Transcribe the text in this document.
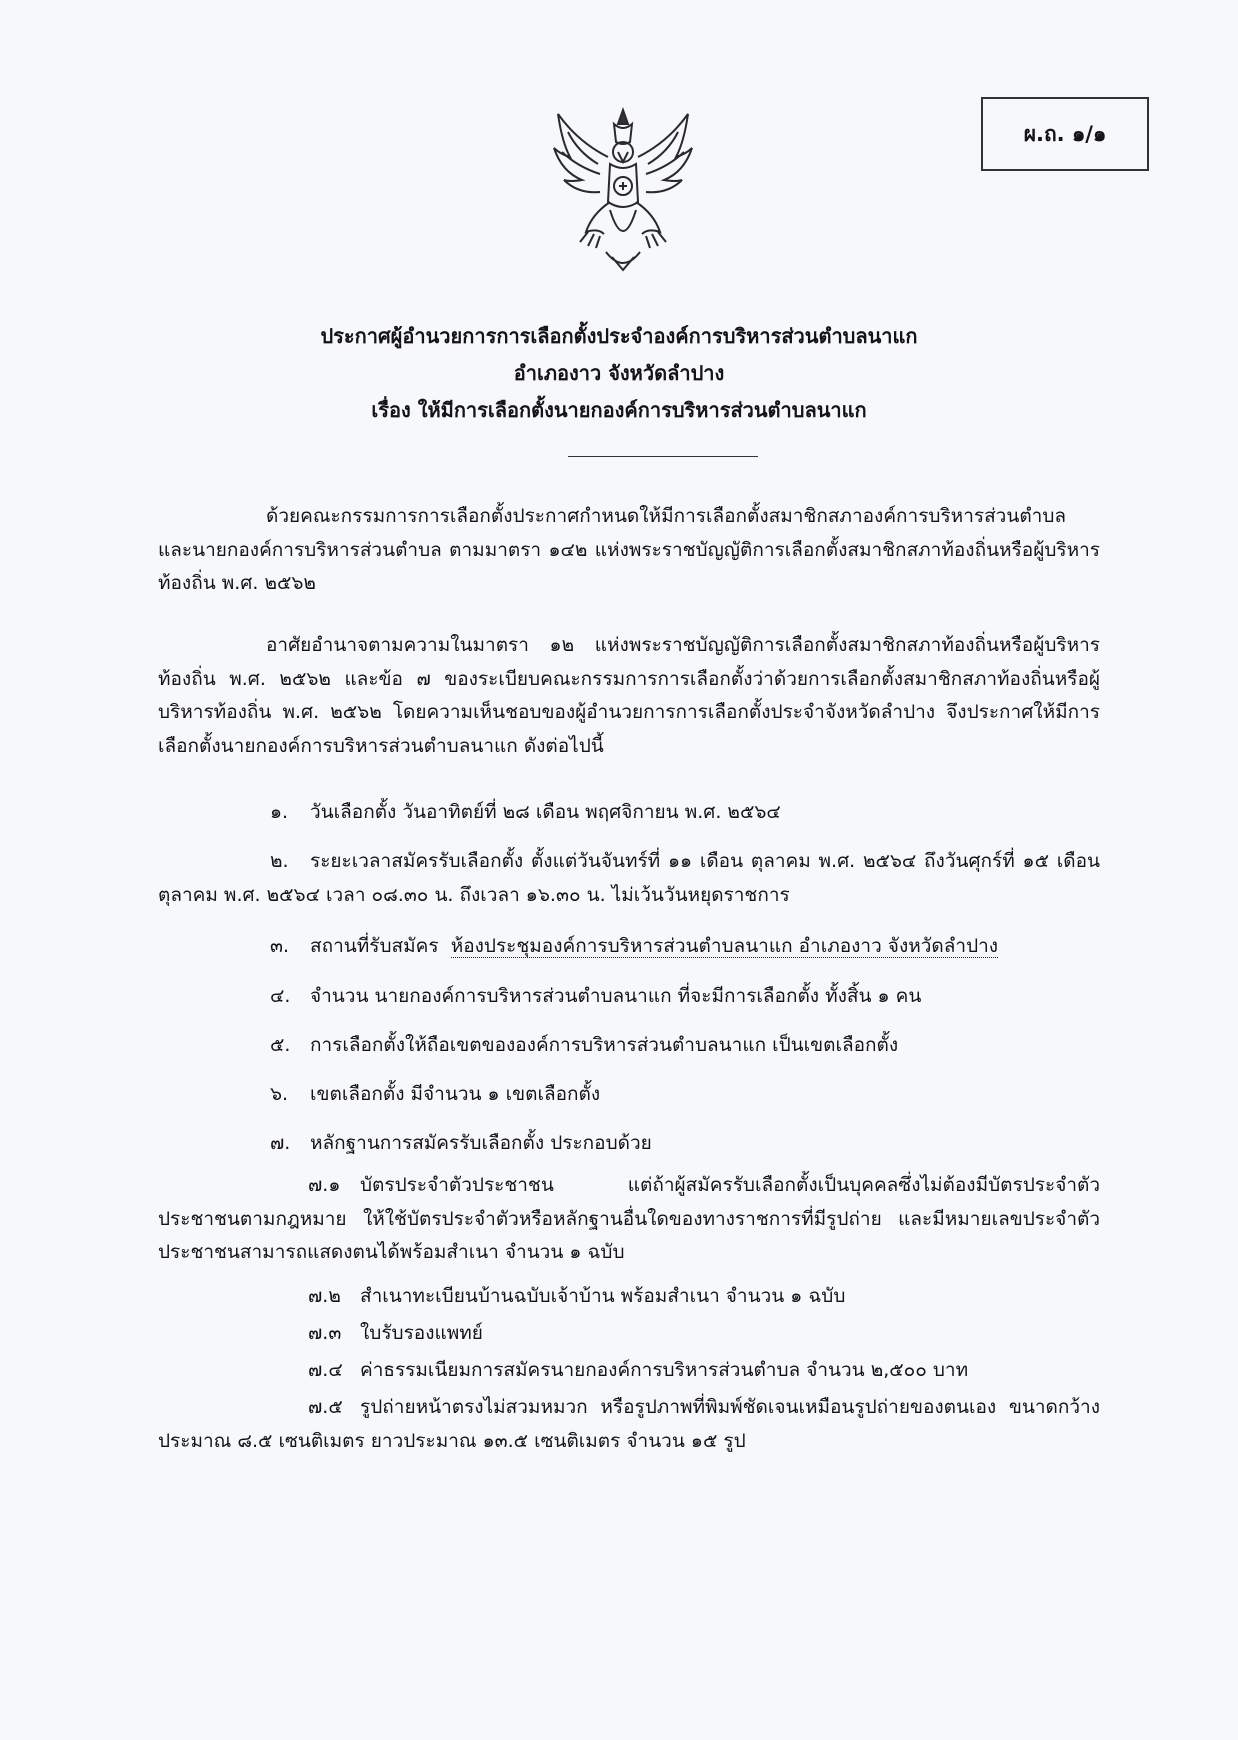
ผ.ถ. ๑/๑
ประกาศผู้อำนวยการการเลือกตั้งประจำองค์การบริหารส่วนตำบลนาแก
อำเภองาว จังหวัดลำปาง
เรื่อง ให้มีการเลือกตั้งนายกองค์การบริหารส่วนตำบลนาแก

ด้วยคณะกรรมการการเลือกตั้งประกาศกำหนดให้มีการเลือกตั้งสมาชิกสภาองค์การบริหารส่วนตำบลและนายกองค์การบริหารส่วนตำบล ตามมาตรา ๑๔๒ แห่งพระราชบัญญัติการเลือกตั้งสมาชิกสภาท้องถิ่นหรือผู้บริหารท้องถิ่น พ.ศ. ๒๕๖๒

อาศัยอำนาจตามความในมาตรา ๑๒ แห่งพระราชบัญญัติการเลือกตั้งสมาชิกสภาท้องถิ่นหรือผู้บริหารท้องถิ่น พ.ศ. ๒๕๖๒ และข้อ ๗ ของระเบียบคณะกรรมการการเลือกตั้งว่าด้วยการเลือกตั้งสมาชิกสภาท้องถิ่นหรือผู้บริหารท้องถิ่น พ.ศ. ๒๕๖๒ โดยความเห็นชอบของผู้อำนวยการการเลือกตั้งประจำจังหวัดลำปาง จึงประกาศให้มีการเลือกตั้งนายกองค์การบริหารส่วนตำบลนาแก ดังต่อไปนี้

๑. วันเลือกตั้ง วันอาทิตย์ที่ ๒๘ เดือน พฤศจิกายน พ.ศ. ๒๕๖๔

๒. ระยะเวลาสมัครรับเลือกตั้ง ตั้งแต่วันจันทร์ที่ ๑๑ เดือน ตุลาคม พ.ศ. ๒๕๖๔ ถึงวันศุกร์ที่ ๑๕ เดือน ตุลาคม พ.ศ. ๒๕๖๔ เวลา ๐๘.๓๐ น. ถึงเวลา ๑๖.๓๐ น. ไม่เว้นวันหยุดราชการ

๓. สถานที่รับสมัคร ห้องประชุมองค์การบริหารส่วนตำบลนาแก อำเภองาว จังหวัดลำปาง

๔. จำนวน นายกองค์การบริหารส่วนตำบลนาแก ที่จะมีการเลือกตั้ง ทั้งสิ้น ๑ คน

๕. การเลือกตั้งให้ถือเขตขององค์การบริหารส่วนตำบลนาแก เป็นเขตเลือกตั้ง

๖. เขตเลือกตั้ง มีจำนวน ๑ เขตเลือกตั้ง

๗. หลักฐานการสมัครรับเลือกตั้ง ประกอบด้วย

๗.๑ บัตรประจำตัวประชาชน แต่ถ้าผู้สมัครรับเลือกตั้งเป็นบุคคลซึ่งไม่ต้องมีบัตรประจำตัวประชาชนตามกฎหมาย ให้ใช้บัตรประจำตัวหรือหลักฐานอื่นใดของทางราชการที่มีรูปถ่าย และมีหมายเลขประจำตัวประชาชนสามารถแสดงตนได้พร้อมสำเนา จำนวน ๑ ฉบับ

๗.๒ สำเนาทะเบียนบ้านฉบับเจ้าบ้าน พร้อมสำเนา จำนวน ๑ ฉบับ

๗.๓ ใบรับรองแพทย์

๗.๔ ค่าธรรมเนียมการสมัครนายกองค์การบริหารส่วนตำบล จำนวน ๒,๕๐๐ บาท

๗.๕ รูปถ่ายหน้าตรงไม่สวมหมวก หรือรูปภาพที่พิมพ์ชัดเจนเหมือนรูปถ่ายของตนเอง ขนาดกว้างประมาณ ๘.๕ เซนติเมตร ยาวประมาณ ๑๓.๕ เซนติเมตร จำนวน ๑๕ รูป
